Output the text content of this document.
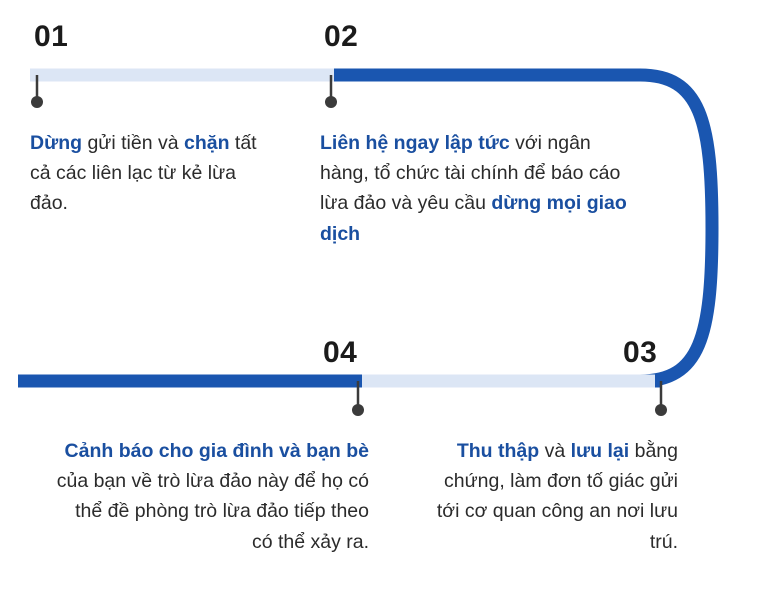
01	02
04	03
Dừng gửi tiền và chặn tất cả các liên lạc từ kẻ lừa đảo.
Liên hệ ngay lập tức với ngân hàng, tổ chức tài chính để báo cáo lừa đảo và yêu cầu dừng mọi giao dịch
Cảnh báo cho gia đình và bạn bè của bạn về trò lừa đảo này để họ có thể đề phòng trò lừa đảo tiếp theo có thể xảy ra.
Thu thập và lưu lại bằng chứng, làm đơn tố giác gửi tới cơ quan công an nơi lưu trú.
